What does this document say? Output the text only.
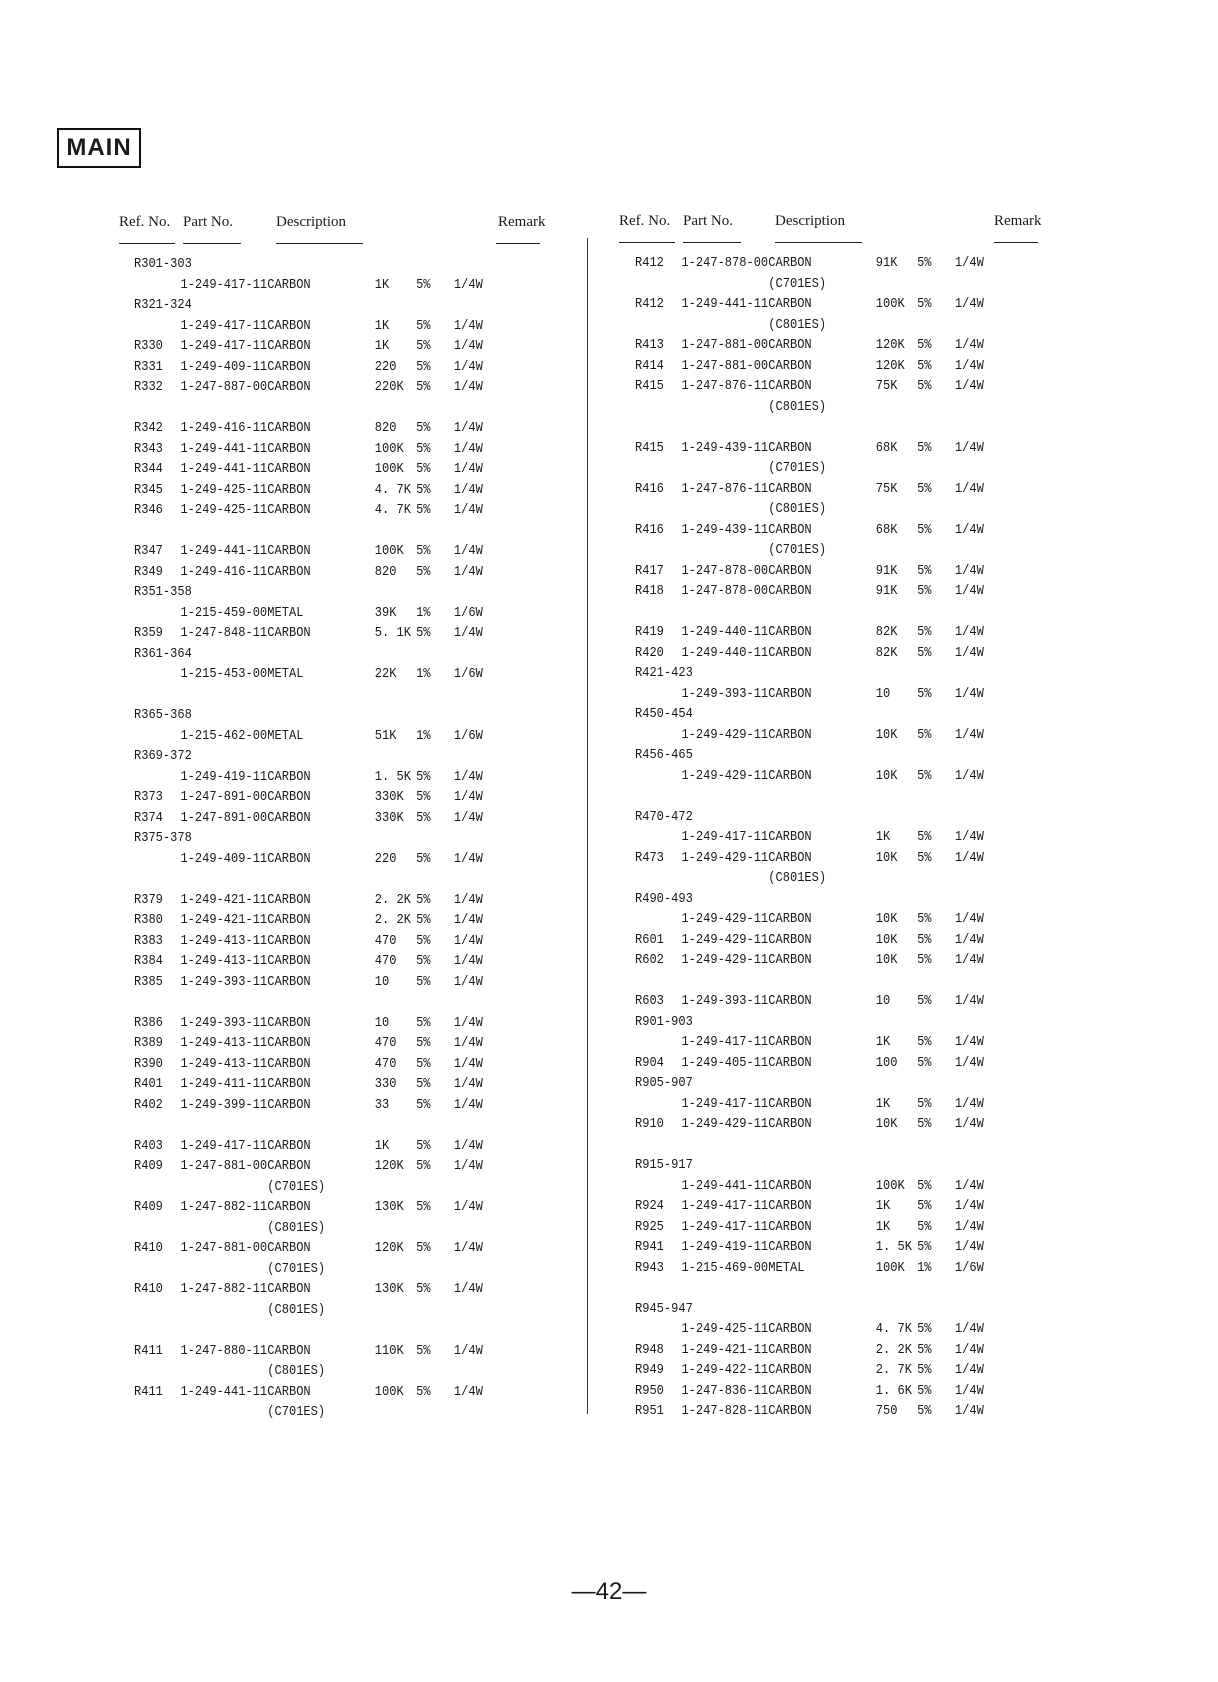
MAIN
Ref. No. Part No.	Description	Remark	Ref. No. Part No.	Description	Remark
R301-303
1-249-417-11 CARBON	1K 5% 1/4W
R321-324
1-249-417-11 CARBON	1K 5% 1/4W
R330 1-249-417-11 CARBON	1K 5% 1/4W
R331 1-249-409-11 CARBON	220 5% 1/4W
R332 1-247-887-00 CARBON	220K 5% 1/4W
R342 1-249-416-11 CARBON	820 5% 1/4W
R343 1-249-441-11 CARBON	100K 5% 1/4W
R344 1-249-441-11 CARBON	100K 5% 1/4W
R345 1-249-425-11 CARBON	4. 7K 5% 1/4W
R346 1-249-425-11 CARBON	4. 7K 5% 1/4W
R347 1-249-441-11 CARBON	100K 5% 1/4W
R349 1-249-416-11 CARBON	820 5% 1/4W
R351-358
1-215-459-00 METAL	39K 1% 1/6W
R359 1-247-848-11 CARBON	5. 1K 5% 1/4W
R361-364
1-215-453-00 METAL	22K 1% 1/6W
R365-368
1-215-462-00 METAL	51K 1% 1/6W
R369-372
1-249-419-11 CARBON	1. 5K 5% 1/4W
R373 1-247-891-00 CARBON	330K 5% 1/4W
R374 1-247-891-00 CARBON	330K 5% 1/4W
R375-378
1-249-409-11 CARBON	220 5% 1/4W
R379 1-249-421-11 CARBON	2. 2K 5% 1/4W
R380 1-249-421-11 CARBON	2. 2K 5% 1/4W
R383 1-249-413-11 CARBON	470 5% 1/4W
R384 1-249-413-11 CARBON	470 5% 1/4W
R385 1-249-393-11 CARBON	10 5% 1/4W
R386 1-249-393-11 CARBON	10 5% 1/4W
R389 1-249-413-11 CARBON	470 5% 1/4W
R390 1-249-413-11 CARBON	470 5% 1/4W
R401 1-249-411-11 CARBON	330 5% 1/4W
R402 1-249-399-11 CARBON	33 5% 1/4W
R403 1-249-417-11 CARBON	1K 5% 1/4W
R409 1-247-881-00 CARBON	120K 5% 1/4W
(C701ES)
R409 1-247-882-11 CARBON	130K 5% 1/4W
(C801ES)
R410 1-247-881-00 CARBON	120K 5% 1/4W
(C701ES)
R410 1-247-882-11 CARBON	130K 5% 1/4W
(C801ES)
R411 1-247-880-11 CARBON	110K 5% 1/4W
(C801ES)
R411 1-249-441-11 CARBON	100K 5% 1/4W
(C701ES)
R412 1-247-878-00 CARBON	91K 5% 1/4W
(C701ES)
R412 1-249-441-11 CARBON	100K 5% 1/4W
(C801ES)
R413 1-247-881-00 CARBON	120K 5% 1/4W
R414 1-247-881-00 CARBON	120K 5% 1/4W
R415 1-247-876-11 CARBON	75K 5% 1/4W
(C801ES)
R415 1-249-439-11 CARBON	68K 5% 1/4W
(C701ES)
R416 1-247-876-11 CARBON	75K 5% 1/4W
(C801ES)
R416 1-249-439-11 CARBON	68K 5% 1/4W
(C701ES)
R417 1-247-878-00 CARBON	91K 5% 1/4W
R418 1-247-878-00 CARBON	91K 5% 1/4W
R419 1-249-440-11 CARBON	82K 5% 1/4W
R420 1-249-440-11 CARBON	82K 5% 1/4W
R421-423
1-249-393-11 CARBON	10 5% 1/4W
R450-454
1-249-429-11 CARBON	10K 5% 1/4W
R456-465
1-249-429-11 CARBON	10K 5% 1/4W
R470-472
1-249-417-11 CARBON	1K 5% 1/4W
R473 1-249-429-11 CARBON	10K 5% 1/4W
(C801ES)
R490-493
1-249-429-11 CARBON	10K 5% 1/4W
R601 1-249-429-11 CARBON	10K 5% 1/4W
R602 1-249-429-11 CARBON	10K 5% 1/4W
R603 1-249-393-11 CARBON	10 5% 1/4W
R901-903
1-249-417-11 CARBON	1K 5% 1/4W
R904 1-249-405-11 CARBON	100 5% 1/4W
R905-907
1-249-417-11 CARBON	1K 5% 1/4W
R910 1-249-429-11 CARBON	10K 5% 1/4W
R915-917
1-249-441-11 CARBON	100K 5% 1/4W
R924 1-249-417-11 CARBON	1K 5% 1/4W
R925 1-249-417-11 CARBON	1K 5% 1/4W
R941 1-249-419-11 CARBON	1. 5K 5% 1/4W
R943 1-215-469-00 METAL	100K 1% 1/6W
R945-947
1-249-425-11 CARBON	4. 7K 5% 1/4W
R948 1-249-421-11 CARBON	2. 2K 5% 1/4W
R949 1-249-422-11 CARBON	2. 7K 5% 1/4W
R950 1-247-836-11 CARBON	1. 6K 5% 1/4W
R951 1-247-828-11 CARBON	750 5% 1/4W
—42—
